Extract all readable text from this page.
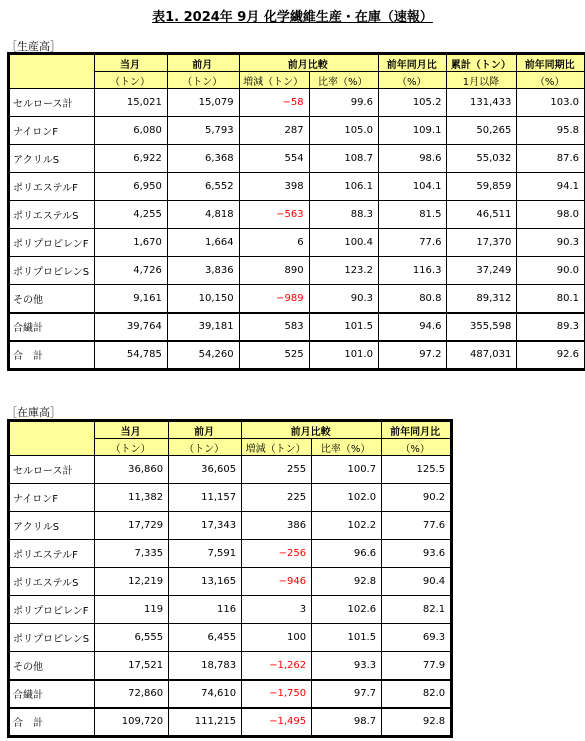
表1. 2024年 9月 化学繊維生産・在庫（速報）
［生産高］
	当月	前月	前月比較		前年同月比	累計（トン）	前年同期比
	（トン）	（トン）	増減（トン）	比率（%）	（%）	1月以降	（%）
セルロース計	15,021	15,079	−58	99.6	105.2	131,433	103.0
ナイロンF	6,080	5,793	287	105.0	109.1	50,265	95.8
アクリルS	6,922	6,368	554	108.7	98.6	55,032	87.6
ポリエステルF	6,950	6,552	398	106.1	104.1	59,859	94.1
ポリエステルS	4,255	4,818	−563	88.3	81.5	46,511	98.0
ポリプロピレンF	1,670	1,664	6	100.4	77.6	17,370	90.3
ポリプロピレンS	4,726	3,836	890	123.2	116.3	37,249	90.0
その他	9,161	10,150	−989	90.3	80.8	89,312	80.1
合繊計	39,764	39,181	583	101.5	94.6	355,598	89.3
合　計	54,785	54,260	525	101.0	97.2	487,031	92.6
［在庫高］
	当月	前月	前月比較		前年同月比
	（トン）	（トン）	増減（トン）	比率（%）	（%）
セルロース計	36,860	36,605	255	100.7	125.5
ナイロンF	11,382	11,157	225	102.0	90.2
アクリルS	17,729	17,343	386	102.2	77.6
ポリエステルF	7,335	7,591	−256	96.6	93.6
ポリエステルS	12,219	13,165	−946	92.8	90.4
ポリプロピレンF	119	116	3	102.6	82.1
ポリプロピレンS	6,555	6,455	100	101.5	69.3
その他	17,521	18,783	−1,262	93.3	77.9
合繊計	72,860	74,610	−1,750	97.7	82.0
合　計	109,720	111,215	−1,495	98.7	92.8
